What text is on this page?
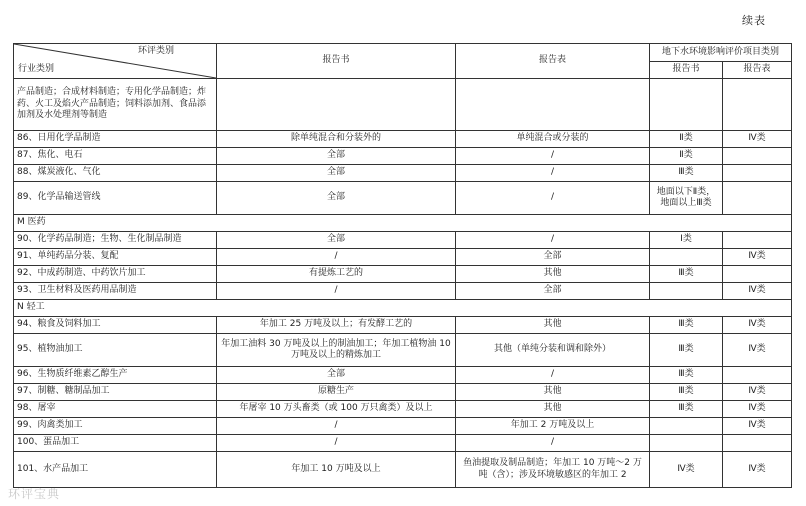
续表
环评类别
行业类别	报告书	报告表	地下水环境影响评价项目类别	
			报告书	报告表
产品制造；合成材料制造；专用化学品制造；炸药、火工及焰火产品制造；饲料添加剂、食品添加剂及水处理剂等制造				
86、日用化学品制造	除单纯混合和分装外的	单纯混合或分装的	Ⅱ类	Ⅳ类
87、焦化、电石	全部	/	Ⅱ类	
88、煤炭液化、气化	全部	/	Ⅲ类	
89、化学品输送管线	全部	/	地面以下Ⅱ类，地面以上Ⅲ类	
M 医药				
90、化学药品制造；生物、生化制品制造	全部	/	Ⅰ类	
91、单纯药品分装、复配	/	全部		Ⅳ类
92、中成药制造、中药饮片加工	有提炼工艺的	其他	Ⅲ类	
93、卫生材料及医药用品制造	/	全部		Ⅳ类
N 轻工				
94、粮食及饲料加工	年加工 25 万吨及以上；有发酵工艺的	其他	Ⅲ类	Ⅳ类
95、植物油加工	年加工油料 30 万吨及以上的制油加工；年加工植物油 10 万吨及以上的精炼加工	其他（单纯分装和调和除外）	Ⅲ类	Ⅳ类
96、生物质纤维素乙醇生产	全部	/	Ⅲ类	
97、制糖、糖制品加工	原糖生产	其他	Ⅲ类	Ⅳ类
98、屠宰	年屠宰 10 万头畜类（或 100 万只禽类）及以上	其他	Ⅲ类	Ⅳ类
99、肉禽类加工	/	年加工 2 万吨及以上		Ⅳ类
100、蛋品加工	/	/		
101、水产品加工	年加工 10 万吨及以上	鱼油提取及制品制造；年加工 10 万吨～2 万吨（含）；涉及环境敏感区的年加工 2	Ⅳ类	Ⅳ类
环评宝典
